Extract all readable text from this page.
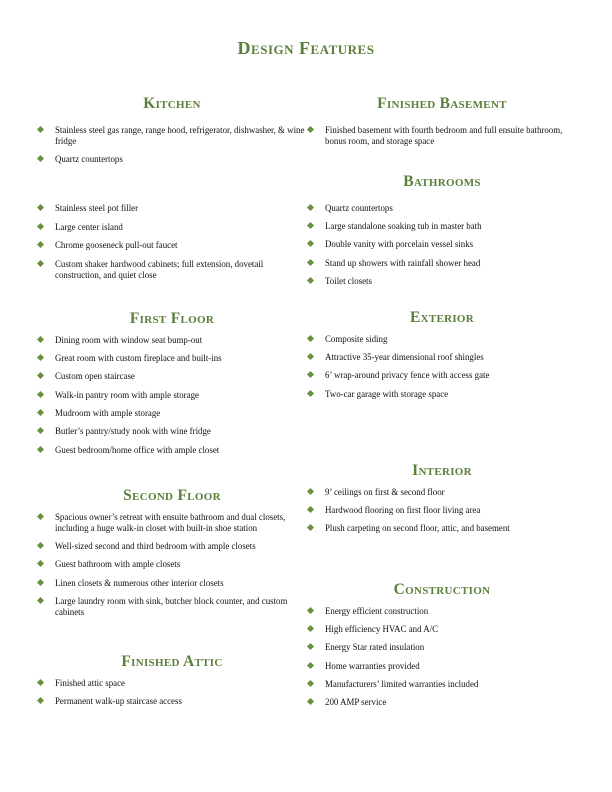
Design Features
Kitchen
Stainless steel gas range, range hood, refrigerator, dishwasher, & wine fridge
Quartz countertops
Stainless steel pot filler
Large center island
Chrome gooseneck pull-out faucet
Custom shaker hardwood cabinets; full extension, dovetail construction, and quiet close
First Floor
Dining room with window seat bump-out
Great room with custom fireplace and built-ins
Custom open staircase
Walk-in pantry room with ample storage
Mudroom with ample storage
Butler’s pantry/study nook with wine fridge
Guest bedroom/home office with ample closet
Second Floor
Spacious owner’s retreat with ensuite bathroom and dual closets, including a huge walk-in closet with built-in shoe station
Well-sized second and third bedroom with ample closets
Guest bathroom with ample closets
Linen closets & numerous other interior closets
Large laundry room with sink, butcher block counter, and custom cabinets
Finished Attic
Finished attic space
Permanent walk-up staircase access
Finished Basement
Finished basement with fourth bedroom and full ensuite bathroom, bonus room, and storage space
Bathrooms
Quartz countertops
Large standalone soaking tub in master bath
Double vanity with porcelain vessel sinks
Stand up showers with rainfall shower head
Toilet closets
Exterior
Composite siding
Attractive 35-year dimensional roof shingles
6’ wrap-around privacy fence with access gate
Two-car garage with storage space
Interior
9’ ceilings on first & second floor
Hardwood flooring on first floor living area
Plush carpeting on second floor, attic, and basement
Construction
Energy efficient construction
High efficiency HVAC and A/C
Energy Star rated insulation
Home warranties provided
Manufacturers’ limited warranties included
200 AMP service
